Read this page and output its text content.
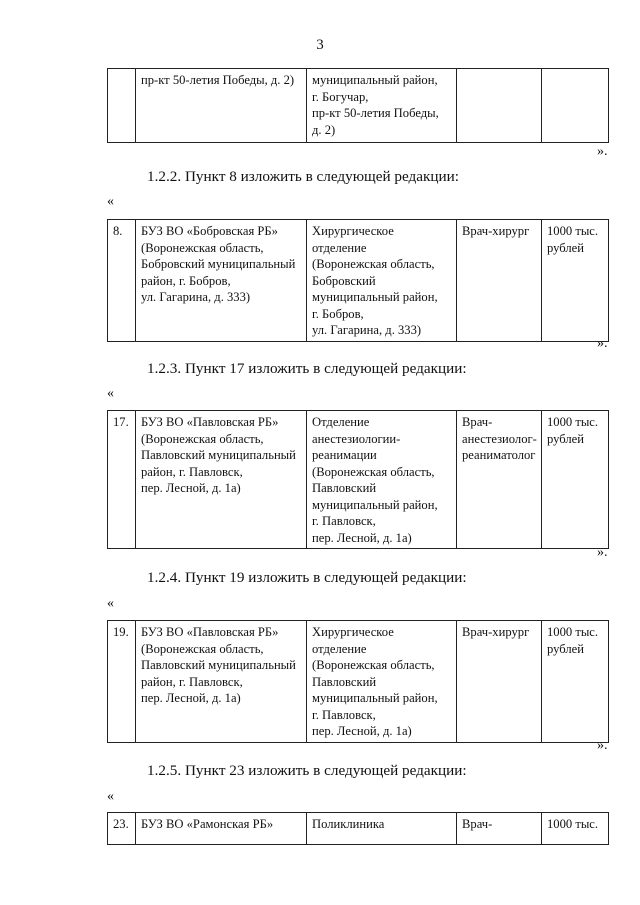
3
	пр-кт 50-летия Победы, д. 2)	муниципальный район,
г. Богучар,
пр-кт 50-летия Победы,
д. 2)		
».
1.2.2. Пункт 8 изложить в следующей редакции:
«
8.	БУЗ ВО «Бобровская РБ»
(Воронежская область,
Бобровский муниципальный
район, г. Бобров,
ул. Гагарина, д. 333)	Хирургическое
отделение
(Воронежская область,
Бобровский
муниципальный район,
г. Бобров,
ул. Гагарина, д. 333)	Врач-хирург	1000 тыс.
рублей
».
1.2.3. Пункт 17 изложить в следующей редакции:
«
17.	БУЗ ВО «Павловская РБ»
(Воронежская область,
Павловский муниципальный
район, г. Павловск,
пер. Лесной, д. 1а)	Отделение
анестезиологии-
реанимации
(Воронежская область,
Павловский
муниципальный район,
г. Павловск,
пер. Лесной, д. 1а)	Врач-
анестезиолог-
реаниматолог	1000 тыс.
рублей
».
1.2.4. Пункт 19 изложить в следующей редакции:
«
19.	БУЗ ВО «Павловская РБ»
(Воронежская область,
Павловский муниципальный
район, г. Павловск,
пер. Лесной, д. 1а)	Хирургическое
отделение
(Воронежская область,
Павловский
муниципальный район,
г. Павловск,
пер. Лесной, д. 1а)	Врач-хирург	1000 тыс.
рублей
».
1.2.5. Пункт 23 изложить в следующей редакции:
«
23.	БУЗ ВО «Рамонская РБ»	Поликлиника	Врач-	1000 тыс.
